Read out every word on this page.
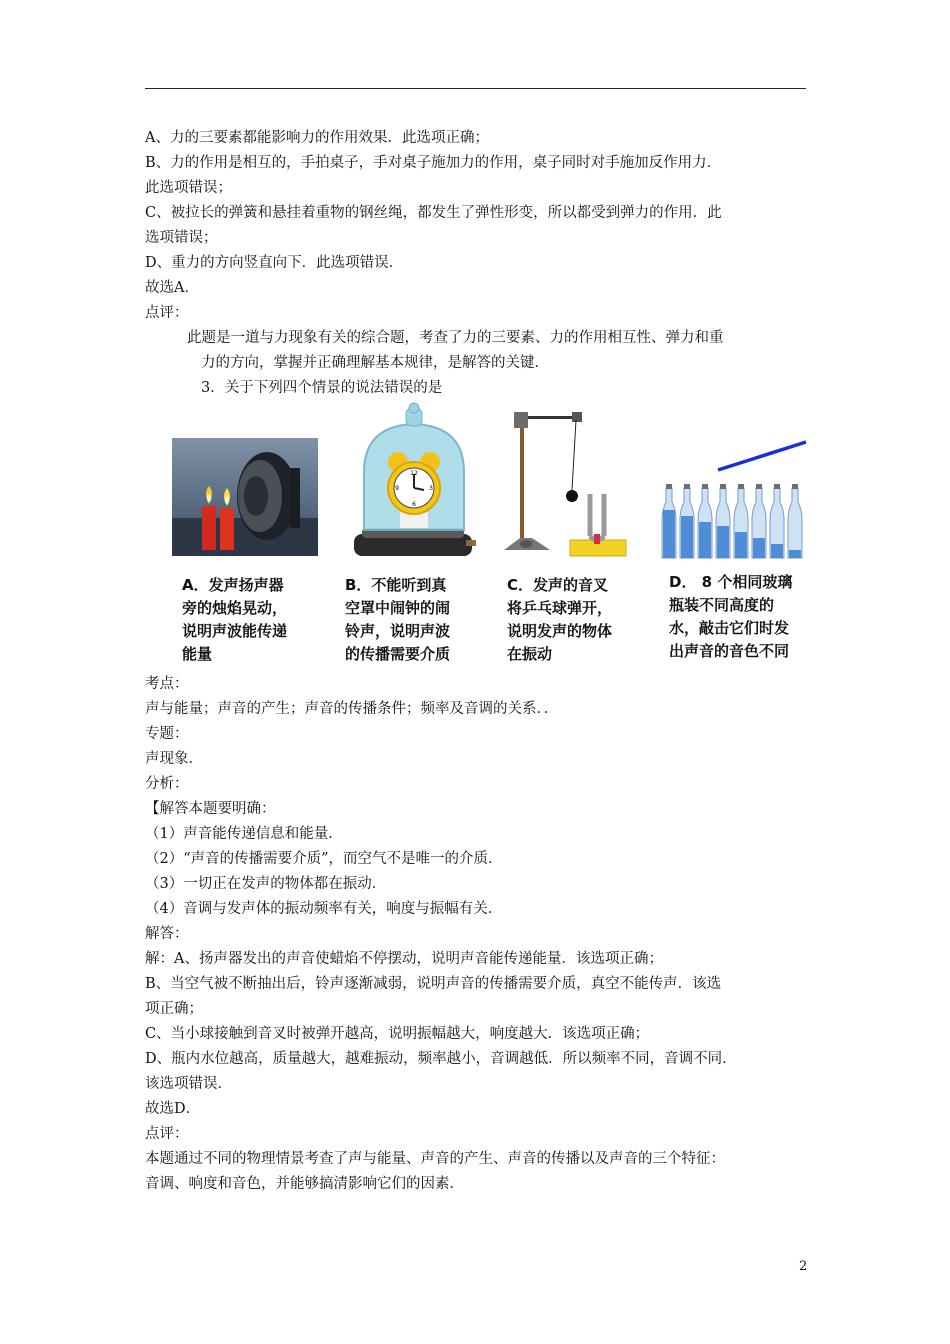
A、力的三要素都能影响力的作用效果．此选项正确；
B、力的作用是相互的，手拍桌子，手对桌子施加力的作用，桌子同时对手施加反作用力．
此选项错误；
C、被拉长的弹簧和悬挂着重物的钢丝绳，都发生了弹性形变，所以都受到弹力的作用．此
选项错误；
D、重力的方向竖直向下．此选项错误．
故选A．
点评：
此题是一道与力现象有关的综合题，考查了力的三要素、力的作用相互性、弹力和重
力的方向，掌握并正确理解基本规律，是解答的关键．
3．关于下列四个情景的说法错误的是
12
3
6
9
A．发声扬声器
旁的烛焰晃动，
说明声波能传递
能量
B．不能听到真
空罩中闹钟的闹
铃声，说明声波
的传播需要介质
C．发声的音叉
将乒乓球弹开，
说明发声的物体
在振动
D． 8 个相同玻璃
瓶装不同高度的
水，敲击它们时发
出声音的音色不同
考点：
声与能量；声音的产生；声音的传播条件；频率及音调的关系．．
专题：
声现象．
分析：
【解答本题要明确：
（1）声音能传递信息和能量．
（2）“声音的传播需要介质”，而空气不是唯一的介质．
（3）一切正在发声的物体都在振动．
（4）音调与发声体的振动频率有关，响度与振幅有关．
解答：
解：A、扬声器发出的声音使蜡焰不停摆动，说明声音能传递能量．该选项正确；
B、当空气被不断抽出后，铃声逐渐减弱，说明声音的传播需要介质，真空不能传声．该选
项正确；
C、当小球接触到音叉时被弹开越高，说明振幅越大，响度越大．该选项正确；
D、瓶内水位越高，质量越大，越难振动，频率越小，音调越低．所以频率不同，音调不同．
该选项错误．
故选D．
点评：
本题通过不同的物理情景考查了声与能量、声音的产生、声音的传播以及声音的三个特征：
音调、响度和音色，并能够搞清影响它们的因素．
2
